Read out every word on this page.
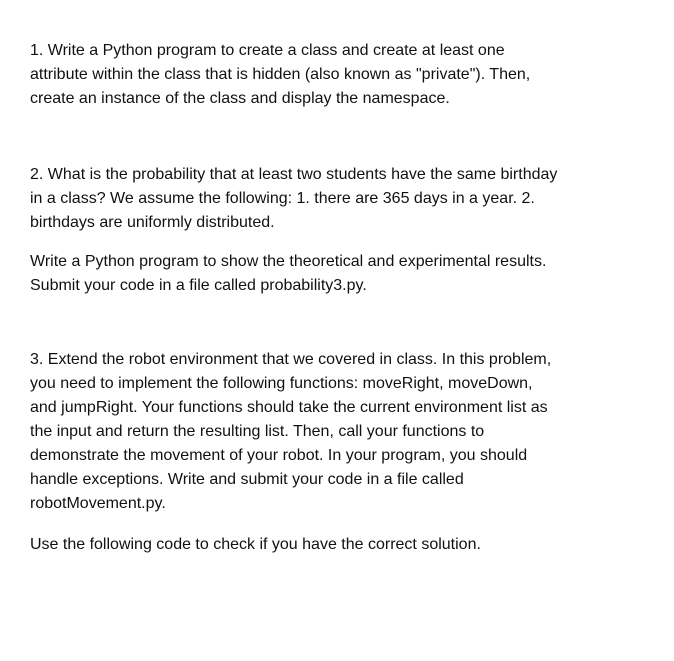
1. Write a Python program to create a class and create at least one
attribute within the class that is hidden (also known as "private"). Then,
create an instance of the class and display the namespace.

2. What is the probability that at least two students have the same birthday
in a class? We assume the following: 1. there are 365 days in a year. 2.
birthdays are uniformly distributed.

Write a Python program to show the theoretical and experimental results.
Submit your code in a file called probability3.py.

3. Extend the robot environment that we covered in class. In this problem,
you need to implement the following functions: moveRight, moveDown,
and jumpRight. Your functions should take the current environment list as
the input and return the resulting list. Then, call your functions to
demonstrate the movement of your robot. In your program, you should
handle exceptions. Write and submit your code in a file called
robotMovement.py.

Use the following code to check if you have the correct solution.
